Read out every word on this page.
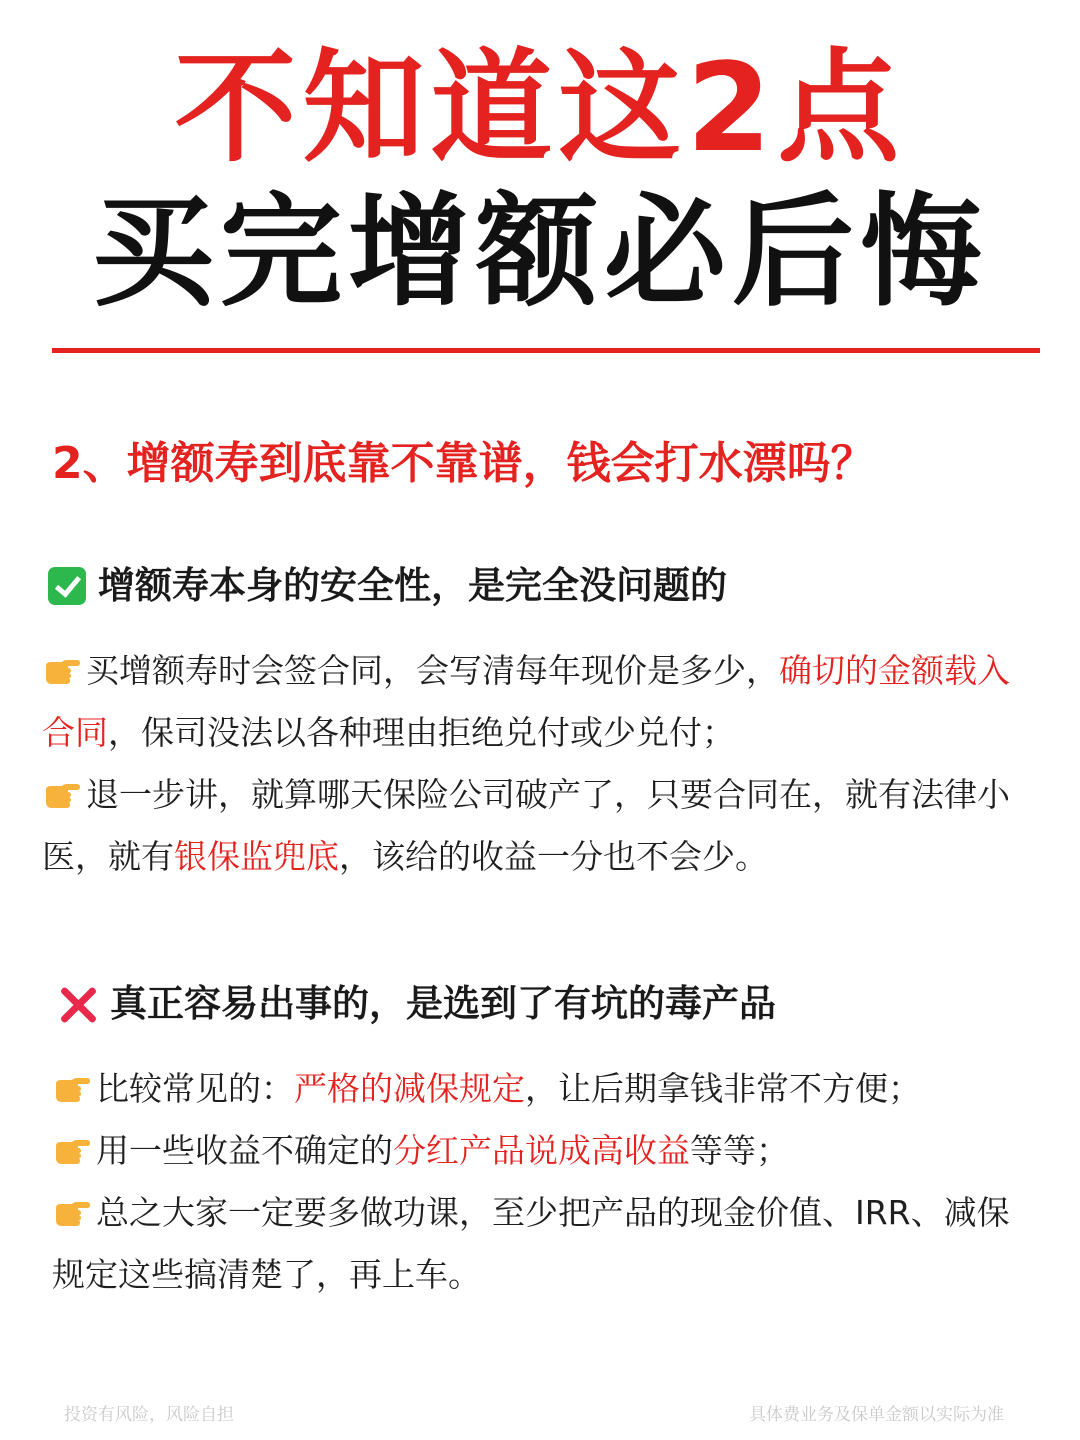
不知道这2点
买完增额必后悔
2、增额寿到底靠不靠谱，钱会打水漂吗？
增额寿本身的安全性，是完全没问题的

买增额寿时会签合同，会写清每年现价是多少，确切的金额载入合同，保司没法以各种理由拒绝兑付或少兑付；

退一步讲，就算哪天保险公司破产了，只要合同在，就有法律小医，就有银保监兜底，该给的收益一分也不会少。

真正容易出事的，是选到了有坑的毒产品

比较常见的：严格的减保规定，让后期拿钱非常不方便；

用一些收益不确定的分红产品说成高收益等等；

总之大家一定要多做功课，至少把产品的现金价值、IRR、减保规定这些搞清楚了，再上车。

投资有风险，风险自担	具体费业务及保单金额以实际为准
